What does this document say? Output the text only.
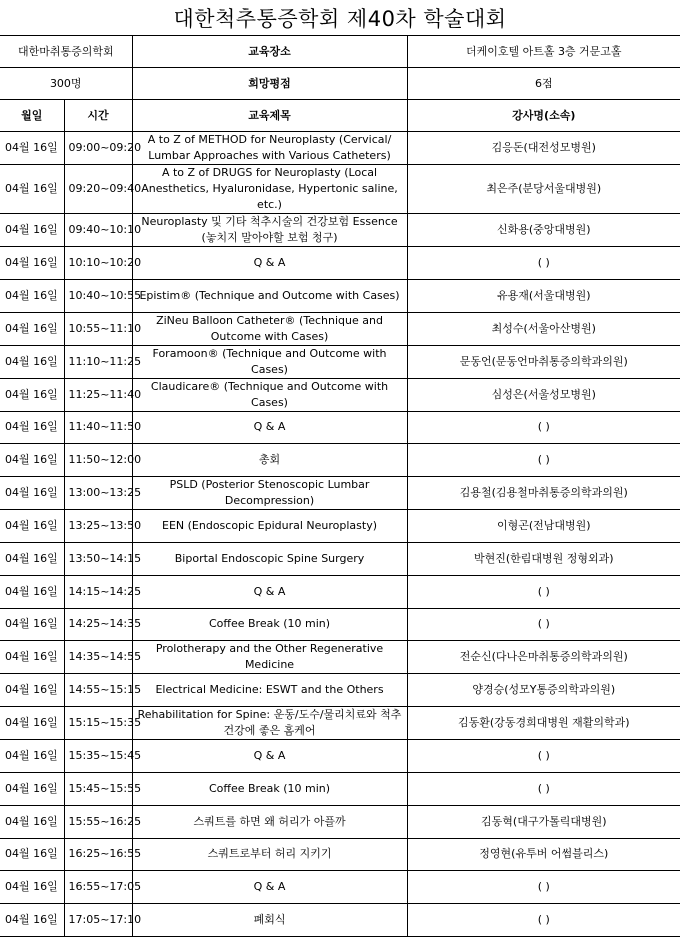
대한척추통증학회 제40차 학술대회
대한마취통증의학회		교육장소	더케이호텔 아트홀 3층 거문고홀
300명		희망평점	6점
월일	시간	교육제목	강사명(소속)
04월 16일	09:00~09:20	A to Z of METHOD for Neuroplasty (Cervical/ Lumbar Approaches with Various Catheters)	김응돈(대전성모병원)
04월 16일	09:20~09:40	A to Z of DRUGS for Neuroplasty (Local Anesthetics, Hyaluronidase, Hypertonic saline, etc.)	최은주(분당서울대병원)
04월 16일	09:40~10:10	Neuroplasty 및 기타 척추시술의 건강보험 Essence (놓치지 말아야할 보험 청구)	신화용(중앙대병원)
04월 16일	10:10~10:20	Q & A	( )
04월 16일	10:40~10:55	Epistim® (Technique and Outcome with Cases)	유용재(서울대병원)
04월 16일	10:55~11:10	ZiNeu Balloon Catheter® (Technique and Outcome with Cases)	최성수(서울아산병원)
04월 16일	11:10~11:25	Foramoon® (Technique and Outcome with Cases)	문동언(문동언마취통증의학과의원)
04월 16일	11:25~11:40	Claudicare® (Technique and Outcome with Cases)	심성은(서울성모병원)
04월 16일	11:40~11:50	Q & A	( )
04월 16일	11:50~12:00	총회	( )
04월 16일	13:00~13:25	PSLD (Posterior Stenoscopic Lumbar Decompression)	김용철(김용철마취통증의학과의원)
04월 16일	13:25~13:50	EEN (Endoscopic Epidural Neuroplasty)	이형곤(전남대병원)
04월 16일	13:50~14:15	Biportal Endoscopic Spine Surgery	박현진(한림대병원 정형외과)
04월 16일	14:15~14:25	Q & A	( )
04월 16일	14:25~14:35	Coffee Break (10 min)	( )
04월 16일	14:35~14:55	Prolotherapy and the Other Regenerative Medicine	전순신(다나은마취통증의학과의원)
04월 16일	14:55~15:15	Electrical Medicine: ESWT and the Others	양경승(성모Y통증의학과의원)
04월 16일	15:15~15:35	Rehabilitation for Spine: 운동/도수/물리치료와 척추 건강에 좋은 홈케어	김동환(강동경희대병원 재활의학과)
04월 16일	15:35~15:45	Q & A	( )
04월 16일	15:45~15:55	Coffee Break (10 min)	( )
04월 16일	15:55~16:25	스쿼트를 하면 왜 허리가 아플까	김동혁(대구가톨릭대병원)
04월 16일	16:25~16:55	스쿼트로부터 허리 지키기	정영현(유투버 어썸블리스)
04월 16일	16:55~17:05	Q & A	( )
04월 16일	17:05~17:10	폐회식	( )
